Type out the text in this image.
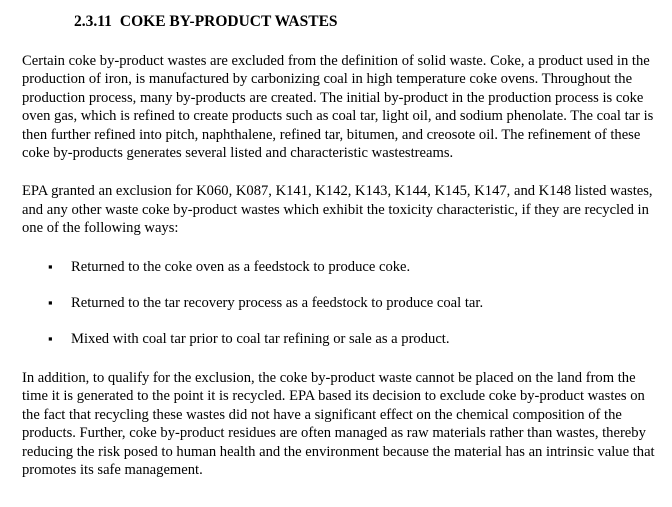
2.3.11 COKE BY-PRODUCT WASTES

Certain coke by-product wastes are excluded from the definition of solid waste. Coke, a product used in the production of iron, is manufactured by carbonizing coal in high temperature coke ovens. Throughout the production process, many by-products are created. The initial by-product in the production process is coke oven gas, which is refined to create products such as coal tar, light oil, and sodium phenolate. The coal tar is then further refined into pitch, naphthalene, refined tar, bitumen, and creosote oil. The refinement of these coke by-products generates several listed and characteristic wastestreams.

EPA granted an exclusion for K060, K087, K141, K142, K143, K144, K145, K147, and K148 listed wastes, and any other waste coke by-product wastes which exhibit the toxicity characteristic, if they are recycled in one of the following ways:

▪ Returned to the coke oven as a feedstock to produce coke.
▪ Returned to the tar recovery process as a feedstock to produce coal tar.
▪ Mixed with coal tar prior to coal tar refining or sale as a product.

In addition, to qualify for the exclusion, the coke by-product waste cannot be placed on the land from the time it is generated to the point it is recycled. EPA based its decision to exclude coke by-product wastes on the fact that recycling these wastes did not have a significant effect on the chemical composition of the products. Further, coke by-product residues are often managed as raw materials rather than wastes, thereby reducing the risk posed to human health and the environment because the material has an intrinsic value that promotes its safe management.
